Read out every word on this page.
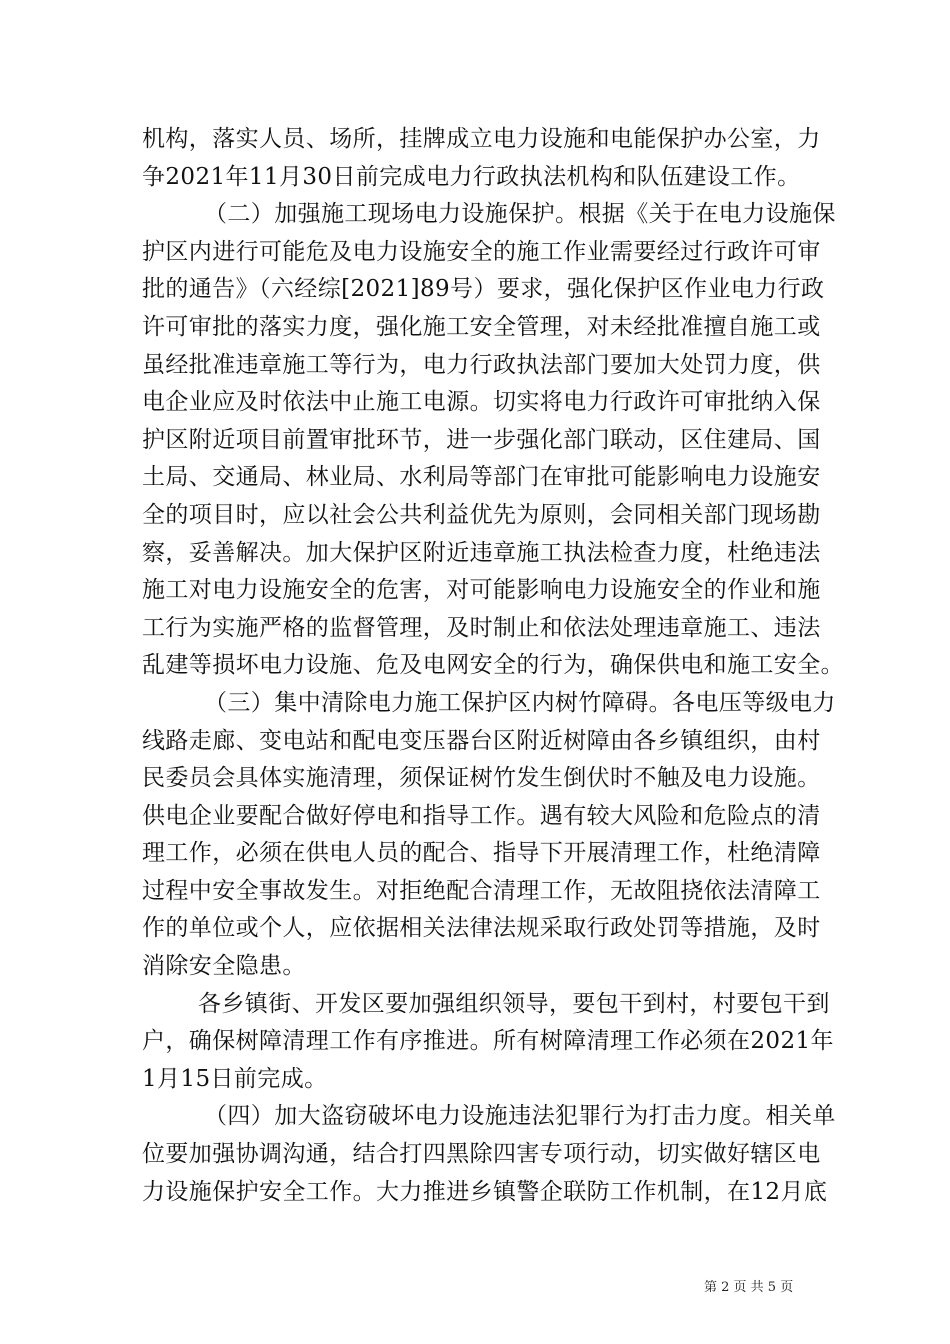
机构，落实人员、场所，挂牌成立电力设施和电能保护办公室，力
争2021年11月30日前完成电力行政执法机构和队伍建设工作。
（二）加强施工现场电力设施保护。根据《关于在电力设施保
护区内进行可能危及电力设施安全的施工作业需要经过行政许可审
批的通告》（六经综[2021]89号）要求，强化保护区作业电力行政
许可审批的落实力度，强化施工安全管理，对未经批准擅自施工或
虽经批准违章施工等行为，电力行政执法部门要加大处罚力度，供
电企业应及时依法中止施工电源。切实将电力行政许可审批纳入保
护区附近项目前置审批环节，进一步强化部门联动，区住建局、国
土局、交通局、林业局、水利局等部门在审批可能影响电力设施安
全的项目时，应以社会公共利益优先为原则，会同相关部门现场勘
察，妥善解决。加大保护区附近违章施工执法检查力度，杜绝违法
施工对电力设施安全的危害，对可能影响电力设施安全的作业和施
工行为实施严格的监督管理，及时制止和依法处理违章施工、违法
乱建等损坏电力设施、危及电网安全的行为，确保供电和施工安全。
（三）集中清除电力施工保护区内树竹障碍。各电压等级电力
线路走廊、变电站和配电变压器台区附近树障由各乡镇组织，由村
民委员会具体实施清理，须保证树竹发生倒伏时不触及电力设施。
供电企业要配合做好停电和指导工作。遇有较大风险和危险点的清
理工作，必须在供电人员的配合、指导下开展清理工作，杜绝清障
过程中安全事故发生。对拒绝配合清理工作，无故阻挠依法清障工
作的单位或个人，应依据相关法律法规采取行政处罚等措施，及时
消除安全隐患。
各乡镇街、开发区要加强组织领导，要包干到村，村要包干到
户，确保树障清理工作有序推进。所有树障清理工作必须在2021年
1月15日前完成。
（四）加大盗窃破坏电力设施违法犯罪行为打击力度。相关单
位要加强协调沟通，结合打四黑除四害专项行动，切实做好辖区电
力设施保护安全工作。大力推进乡镇警企联防工作机制，在12月底
第 2 页 共 5 页
